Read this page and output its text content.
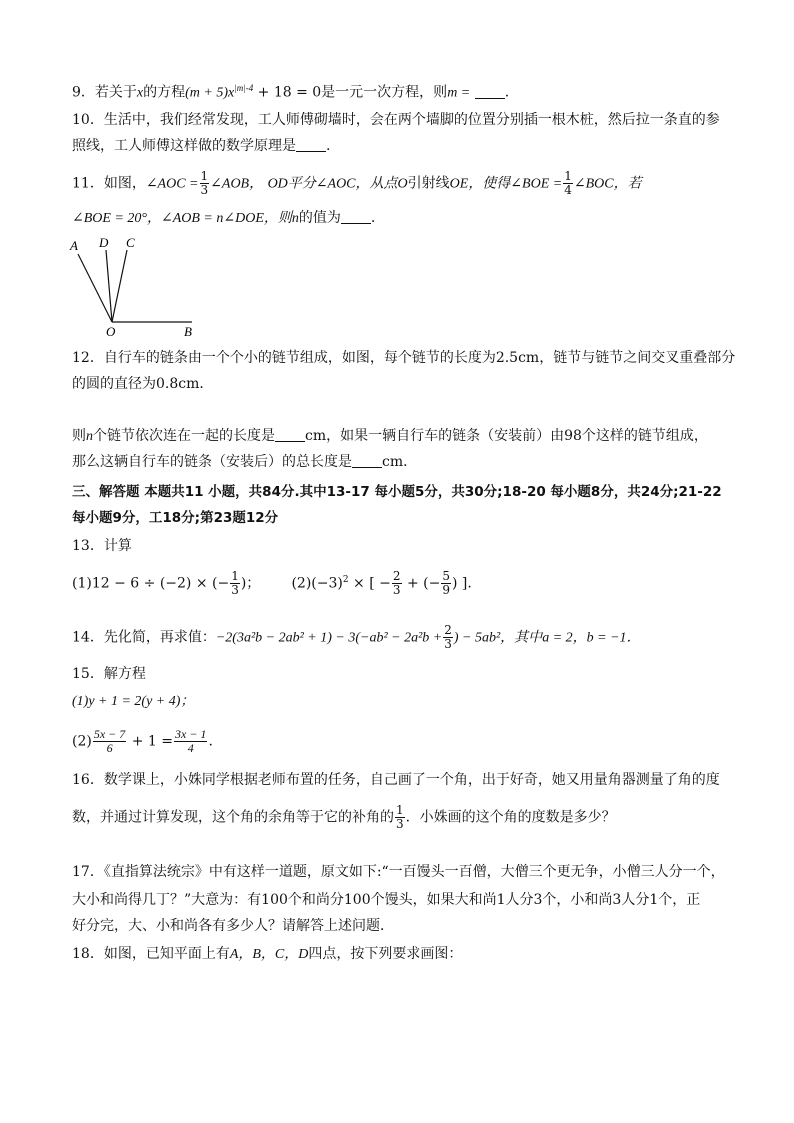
9．若关于x的方程$(m + 5)x^{|m|-4} + 18 = 0$是一元一次方程，则m = .
10．生活中，我们经常发现，工人师傅砌墙时，会在两个墙脚的位置分别插一根木桩，然后拉一条直的参
照线，工人师傅这样做的数学原理是 .
11．如图，∠AOC = $\frac{1}{3}$ ∠AOB， OD平分∠AOC，从点O引射线OE，使得∠BOE = $\frac{1}{4}$ ∠BOC，若
∠BOE = 20°，∠AOB = n∠DOE，则n的值为 .
A D C
O	B
12．自行车的链条由一个个小的链节组成，如图，每个链节的长度为2.5cm，链节与链节之间交叉重叠部分
的圆的直径为0.8cm．
则n个链节依次连在一起的长度是 cm，如果一辆自行车的链条（安装前）由98个这样的链节组成，
那么这辆自行车的链条（安装后）的总长度是 cm．
三、解答题 本题共11 小题，共84分.其中13-17 每小题5分，共30分;18-20 每小题8分，共24分;21-22
每小题9分，工18分;第23题12分
13．计算
(1)12 − 6 ÷ (−2) × (− $\frac{1}{3}$ )； $(2)(-3)^2$ × [ − $\frac{2}{3}$ + (− $\frac{5}{9}$ ) ].
14．先化简，再求值：$-2(3a^2b - 2ab^2 + 1) - 3(-ab^2 - 2a^2b + \frac{2}{3}$ ) − 5ab²，其中a = 2，b = −1．
15．解方程
(1)y + 1 = 2(y + 4)；
$(2) \frac{5x - 7}{6} + 1 = \frac{3x - 1}{4}$ .
16．数学课上，小姝同学根据老师布置的任务，自己画了一个角，出于好奇，她又用量角器测量了角的度
数，并通过计算发现，这个角的余角等于它的补角的 $\frac{1}{3}$ ．小姝画的这个角的度数是多少？
17．《直指算法统宗》中有这样一道题，原文如下:“一百馒头一百僧，大僧三个更无争，小僧三人分一个，
大小和尚得几丁？”大意为：有100个和尚分100个馒头，如果大和尚1人分3个，小和尚3人分1个，正
好分完，大、小和尚各有多少人？请解答上述问题．
18．如图，已知平面上有A，B，C，D四点，按下列要求画图：
